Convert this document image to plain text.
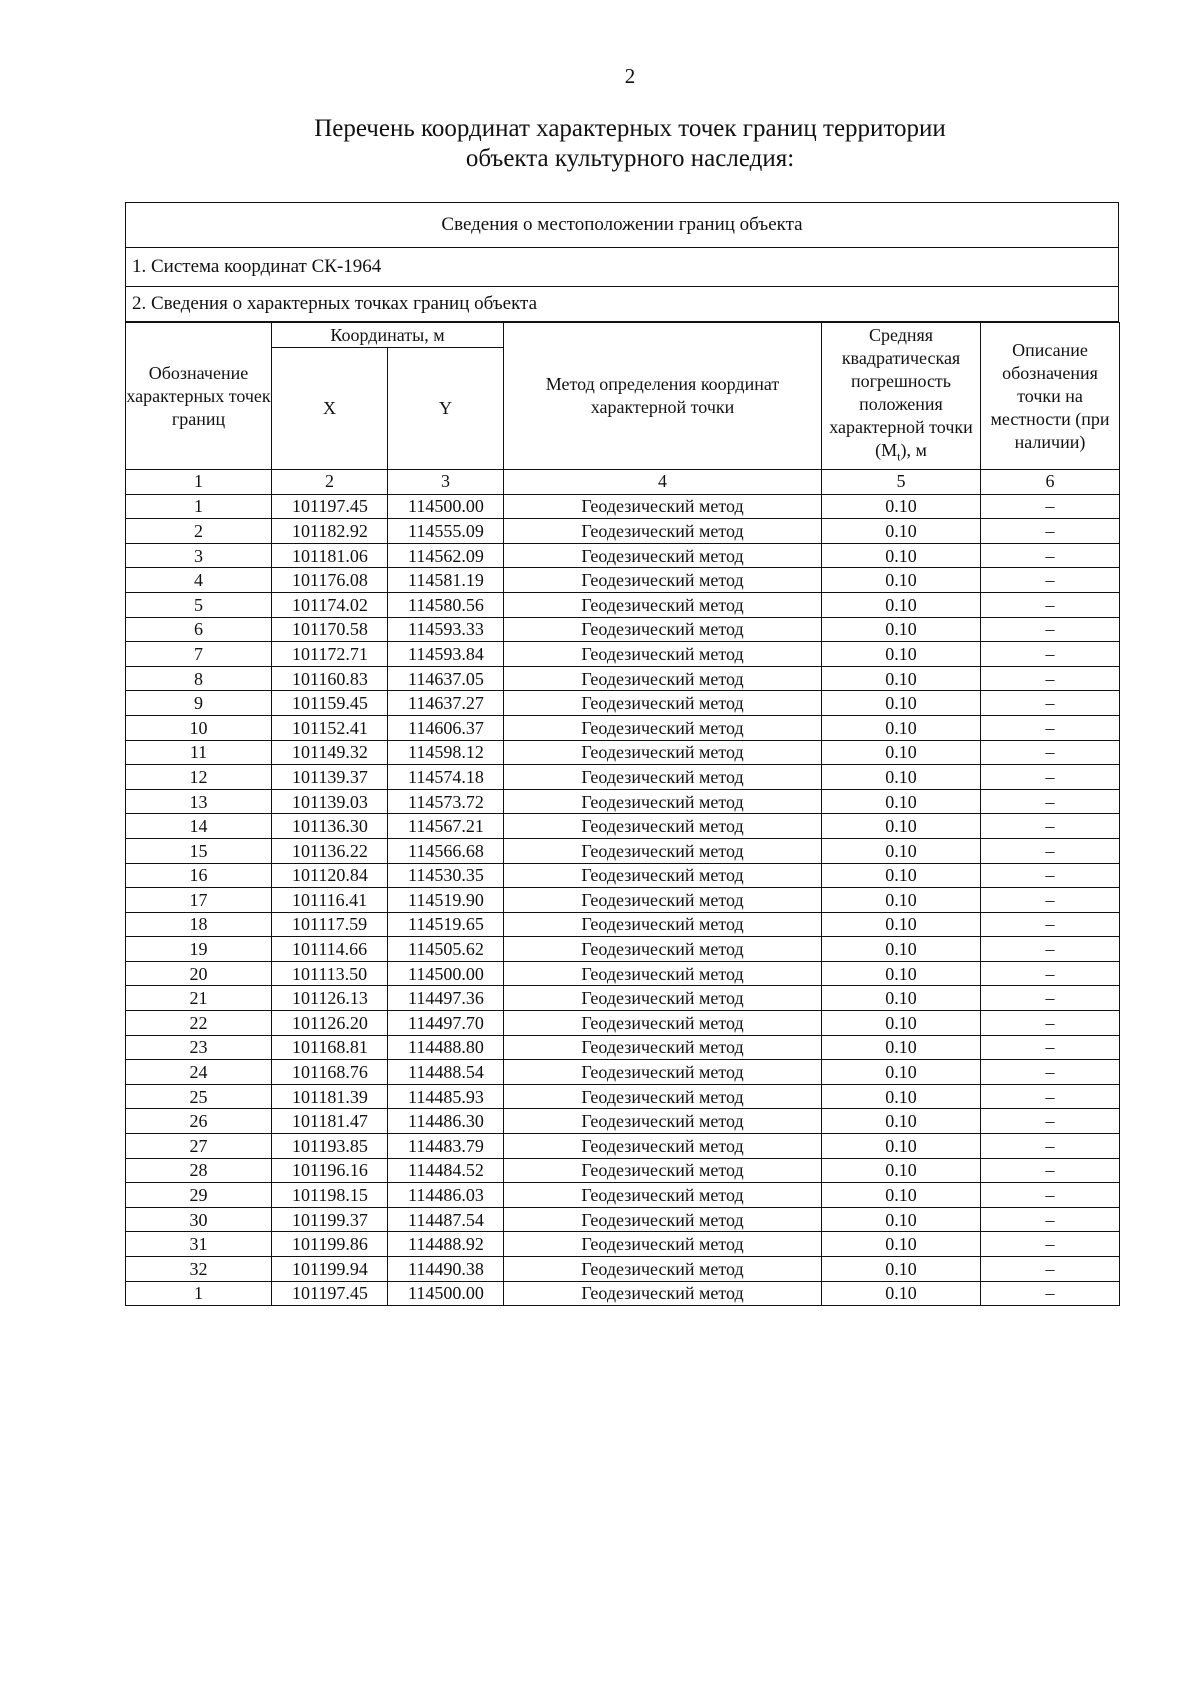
2
Перечень координат характерных точек границ территории
объекта культурного наследия:
Сведения о местоположении границ объекта
1. Система координат СК-1964
2. Сведения о характерных точках границ объекта
Обозначение характерных точек границ	Координаты, м		Метод определения координат характерной точки	Средняя квадратическая погрешность положения характерной точки $(M_t)$, м	Описание обозначения точки на местности (при наличии)
	X	Y			
1	2	3	4	5	6
1	101197.45	114500.00	Геодезический метод	0.10	–
2	101182.92	114555.09	Геодезический метод	0.10	–
3	101181.06	114562.09	Геодезический метод	0.10	–
4	101176.08	114581.19	Геодезический метод	0.10	–
5	101174.02	114580.56	Геодезический метод	0.10	–
6	101170.58	114593.33	Геодезический метод	0.10	–
7	101172.71	114593.84	Геодезический метод	0.10	–
8	101160.83	114637.05	Геодезический метод	0.10	–
9	101159.45	114637.27	Геодезический метод	0.10	–
10	101152.41	114606.37	Геодезический метод	0.10	–
11	101149.32	114598.12	Геодезический метод	0.10	–
12	101139.37	114574.18	Геодезический метод	0.10	–
13	101139.03	114573.72	Геодезический метод	0.10	–
14	101136.30	114567.21	Геодезический метод	0.10	–
15	101136.22	114566.68	Геодезический метод	0.10	–
16	101120.84	114530.35	Геодезический метод	0.10	–
17	101116.41	114519.90	Геодезический метод	0.10	–
18	101117.59	114519.65	Геодезический метод	0.10	–
19	101114.66	114505.62	Геодезический метод	0.10	–
20	101113.50	114500.00	Геодезический метод	0.10	–
21	101126.13	114497.36	Геодезический метод	0.10	–
22	101126.20	114497.70	Геодезический метод	0.10	–
23	101168.81	114488.80	Геодезический метод	0.10	–
24	101168.76	114488.54	Геодезический метод	0.10	–
25	101181.39	114485.93	Геодезический метод	0.10	–
26	101181.47	114486.30	Геодезический метод	0.10	–
27	101193.85	114483.79	Геодезический метод	0.10	–
28	101196.16	114484.52	Геодезический метод	0.10	–
29	101198.15	114486.03	Геодезический метод	0.10	–
30	101199.37	114487.54	Геодезический метод	0.10	–
31	101199.86	114488.92	Геодезический метод	0.10	–
32	101199.94	114490.38	Геодезический метод	0.10	–
1	101197.45	114500.00	Геодезический метод	0.10	–
